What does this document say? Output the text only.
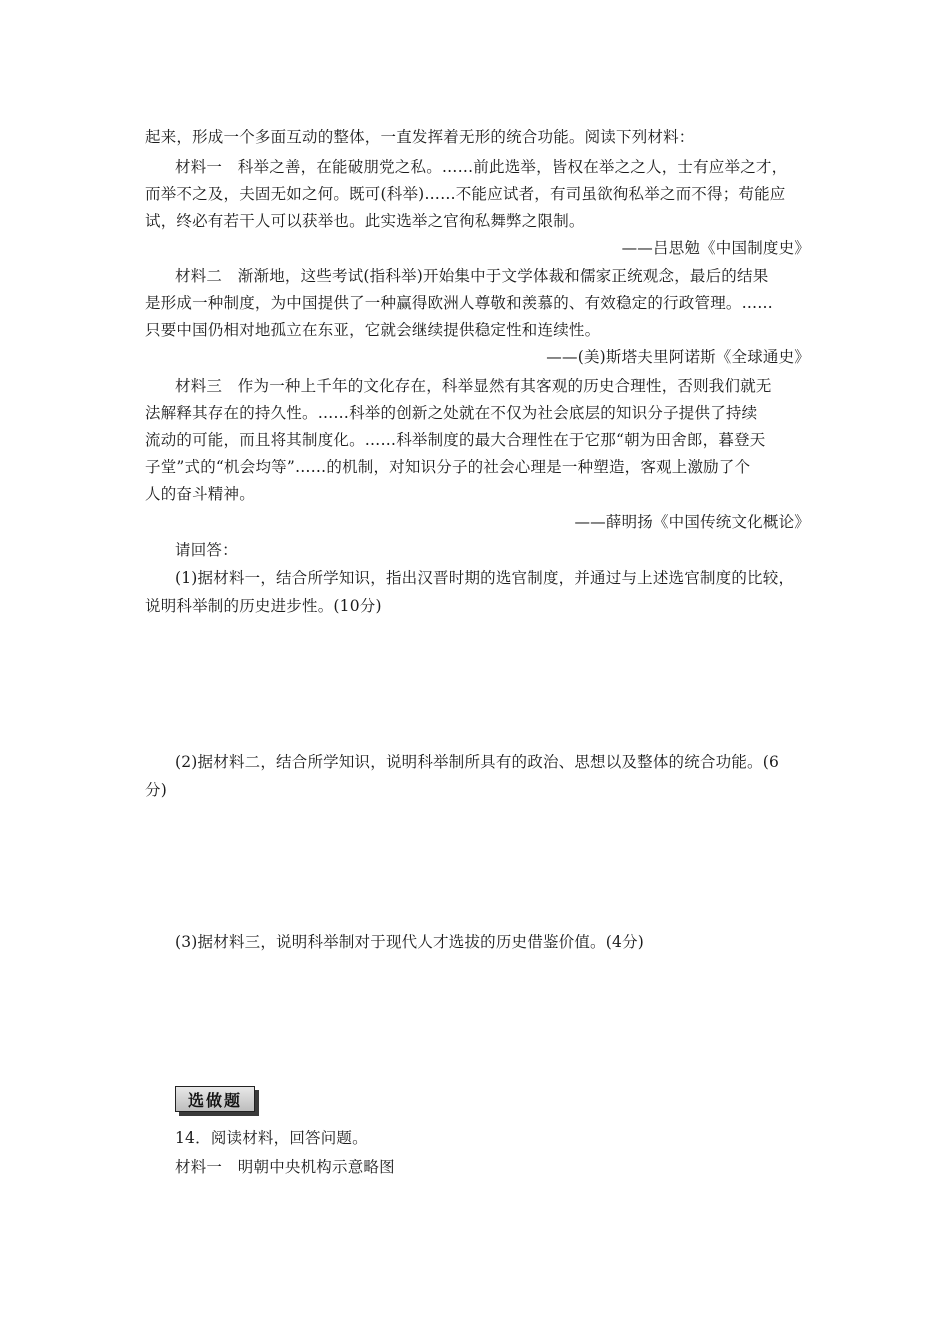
起来，形成一个多面互动的整体，一直发挥着无形的统合功能。阅读下列材料：
材料一　科举之善，在能破朋党之私。……前此选举，皆权在举之之人，士有应举之才，
而举不之及，夫固无如之何。既可(科举)……不能应试者，有司虽欲徇私举之而不得；苟能应
试，终必有若干人可以获举也。此实选举之官徇私舞弊之限制。
——吕思勉《中国制度史》
材料二　渐渐地，这些考试(指科举)开始集中于文学体裁和儒家正统观念，最后的结果
是形成一种制度，为中国提供了一种赢得欧洲人尊敬和羡慕的、有效稳定的行政管理。……
只要中国仍相对地孤立在东亚，它就会继续提供稳定性和连续性。
——(美)斯塔夫里阿诺斯《全球通史》
材料三　作为一种上千年的文化存在，科举显然有其客观的历史合理性，否则我们就无
法解释其存在的持久性。……科举的创新之处就在不仅为社会底层的知识分子提供了持续
流动的可能，而且将其制度化。……科举制度的最大合理性在于它那“朝为田舍郎，暮登天
子堂”式的“机会均等”……的机制，对知识分子的社会心理是一种塑造，客观上激励了个
人的奋斗精神。
——薛明扬《中国传统文化概论》
请回答：
(1)据材料一，结合所学知识，指出汉晋时期的选官制度，并通过与上述选官制度的比较，
说明科举制的历史进步性。(10分)
(2)据材料二，结合所学知识，说明科举制所具有的政治、思想以及整体的统合功能。(6
分)
(3)据材料三，说明科举制对于现代人才选拔的历史借鉴价值。(4分)
选做题
14．阅读材料，回答问题。
材料一　明朝中央机构示意略图
